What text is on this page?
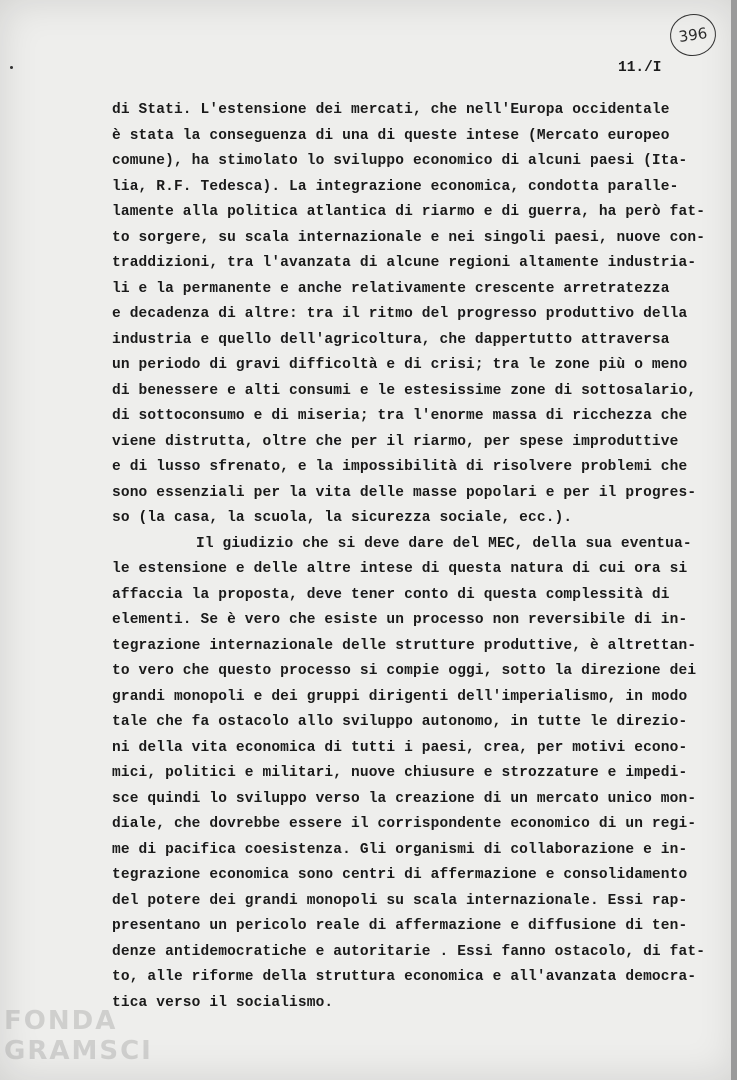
396
11./I
di Stati. L'estensione dei mercati, che nell'Europa occidentale
è stata la conseguenza di una di queste intese (Mercato europeo
comune), ha stimolato lo sviluppo economico di alcuni paesi (Ita-
lia, R.F. Tedesca). La integrazione economica, condotta paralle-
lamente alla politica atlantica di riarmo e di guerra, ha però fat-
to sorgere, su scala internazionale e nei singoli paesi, nuove con-
traddizioni, tra l'avanzata di alcune regioni altamente industria-
li e la permanente e anche relativamente crescente arretratezza
e decadenza di altre: tra il ritmo del progresso produttivo della
industria e quello dell'agricoltura, che dappertutto attraversa
un periodo di gravi difficoltà e di crisi; tra le zone più o meno
di benessere e alti consumi e le estesissime zone di sottosalario,
di sottoconsumo e di miseria; tra l'enorme massa di ricchezza che
viene distrutta, oltre che per il riarmo, per spese improduttive
e di lusso sfrenato, e la impossibilità di risolvere problemi che
sono essenziali per la vita delle masse popolari e per il progres-
so (la casa, la scuola, la sicurezza sociale, ecc.).
Il giudizio che si deve dare del MEC, della sua eventua-
le estensione e delle altre intese di questa natura di cui ora si
affaccia la proposta, deve tener conto di questa complessità di
elementi. Se è vero che esiste un processo non reversibile di in-
tegrazione internazionale delle strutture produttive, è altrettan-
to vero che questo processo si compie oggi, sotto la direzione dei
grandi monopoli e dei gruppi dirigenti dell'imperialismo, in modo
tale che fa ostacolo allo sviluppo autonomo, in tutte le direzio-
ni della vita economica di tutti i paesi, crea, per motivi econo-
mici, politici e militari, nuove chiusure e strozzature e impedi-
sce quindi lo sviluppo verso la creazione di un mercato unico mon-
diale, che dovrebbe essere il corrispondente economico di un regi-
me di pacifica coesistenza. Gli organismi di collaborazione e in-
tegrazione economica sono centri di affermazione e consolidamento
del potere dei grandi monopoli su scala internazionale. Essi rap-
presentano un pericolo reale di affermazione e diffusione di ten-
denze antidemocratiche e autoritarie . Essi fanno ostacolo, di fat-
to, alle riforme della struttura economica e all'avanzata democra-
tica verso il socialismo.
FONDA
GRAMSCI
